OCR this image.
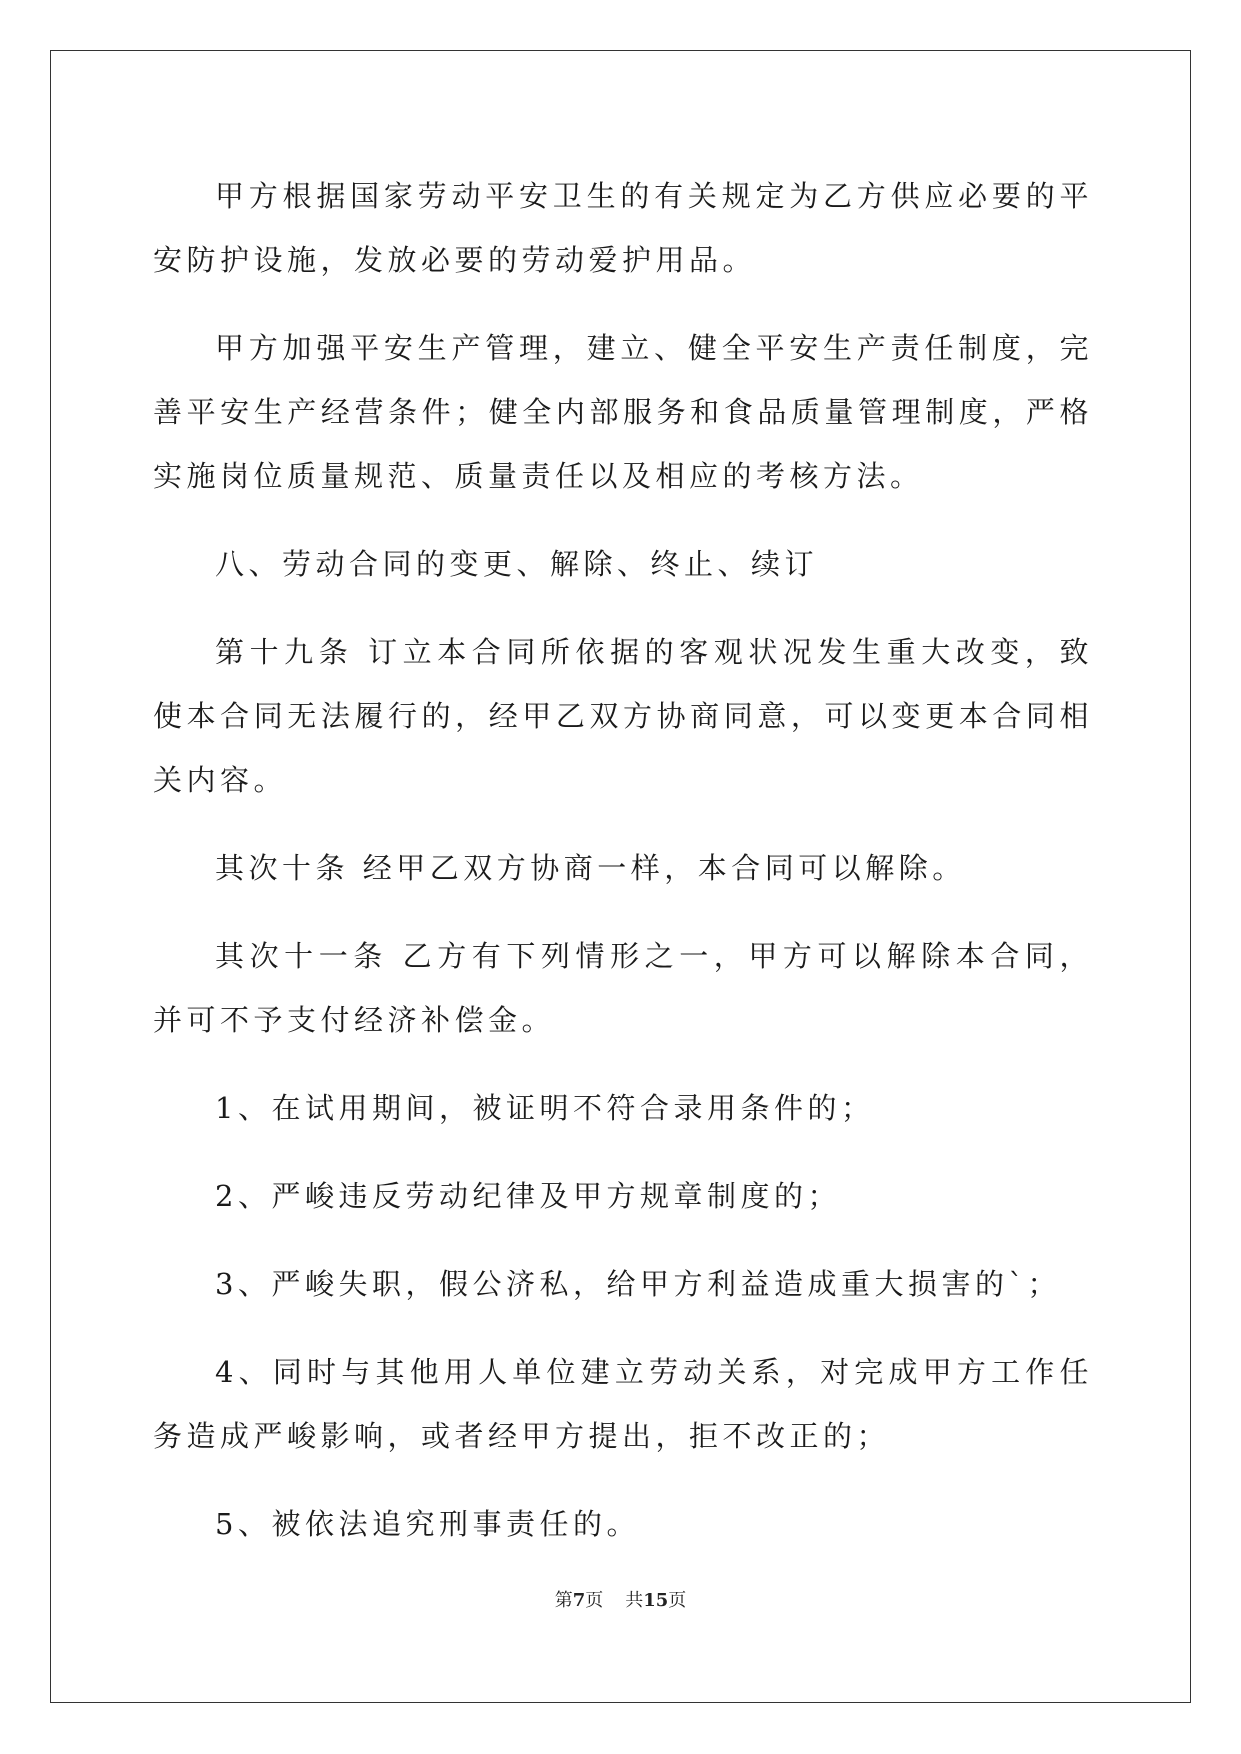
甲方根据国家劳动平安卫生的有关规定为乙方供应必要的平安防护设施，发放必要的劳动爱护用品。

甲方加强平安生产管理，建立、健全平安生产责任制度，完善平安生产经营条件；健全内部服务和食品质量管理制度，严格实施岗位质量规范、质量责任以及相应的考核方法。

八、劳动合同的变更、解除、终止、续订

第十九条 订立本合同所依据的客观状况发生重大改变，致使本合同无法履行的，经甲乙双方协商同意，可以变更本合同相关内容。

其次十条 经甲乙双方协商一样，本合同可以解除。

其次十一条 乙方有下列情形之一，甲方可以解除本合同，并可不予支付经济补偿金。

1、在试用期间，被证明不符合录用条件的；

2、严峻违反劳动纪律及甲方规章制度的；

3、严峻失职，假公济私，给甲方利益造成重大损害的`；

4、同时与其他用人单位建立劳动关系，对完成甲方工作任务造成严峻影响，或者经甲方提出，拒不改正的；

5、被依法追究刑事责任的。

第7页 共15页
